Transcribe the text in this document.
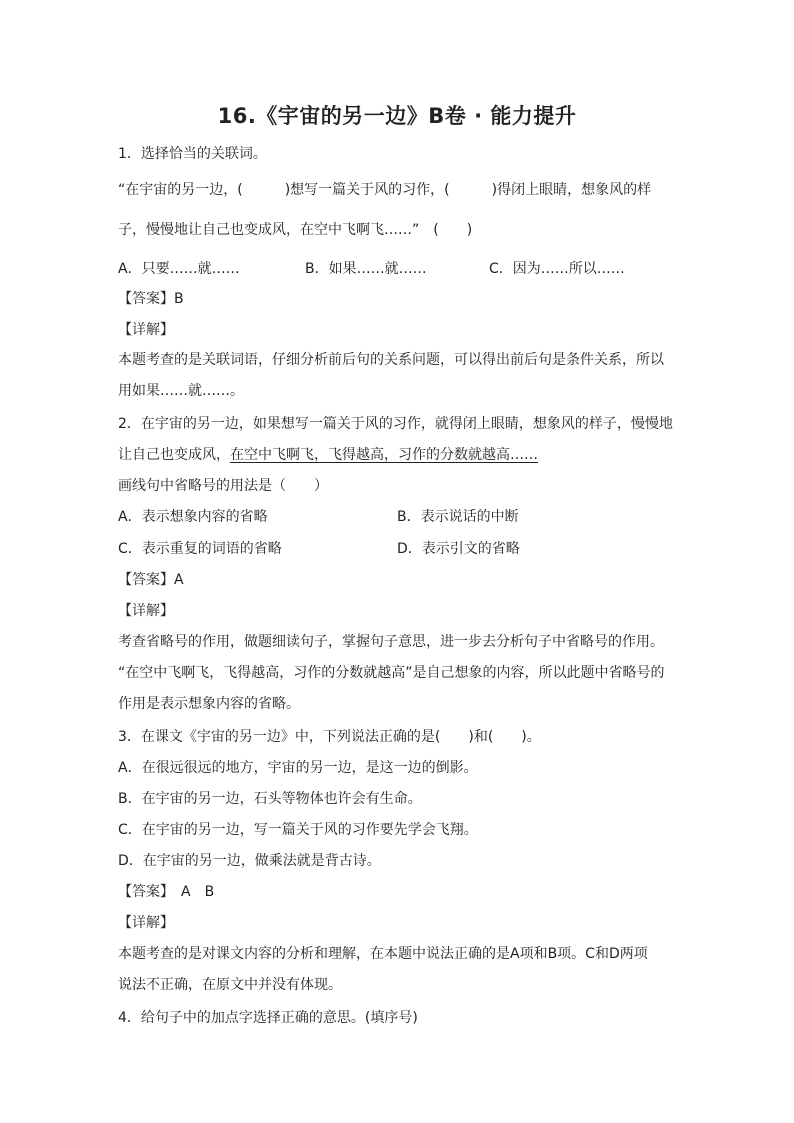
16.《宇宙的另一边》B卷 · 能力提升
1．选择恰当的关联词。
“在宇宙的另一边，(　　　)想写一篇关于风的习作，(　　　)得闭上眼睛，想象风的样
子，慢慢地让自己也变成风，在空中飞啊飞……”　(　　)
A．只要……就……	B．如果……就……	C．因为……所以……
【答案】B
【详解】
本题考查的是关联词语，仔细分析前后句的关系问题，可以得出前后句是条件关系，所以
用如果……就……。
2．在宇宙的另一边，如果想写一篇关于风的习作，就得闭上眼睛，想象风的样子，慢慢地
让自己也变成风，在空中飞啊飞，飞得越高，习作的分数就越高……
画线句中省略号的用法是（　　）
A．表示想象内容的省略	B．表示说话的中断
C．表示重复的词语的省略	D．表示引文的省略
【答案】A
【详解】
考查省略号的作用，做题细读句子，掌握句子意思，进一步去分析句子中省略号的作用。
“在空中飞啊飞，飞得越高，习作的分数就越高”是自己想象的内容，所以此题中省略号的
作用是表示想象内容的省略。
3．在课文《宇宙的另一边》中，下列说法正确的是(　　)和(　　)。
A．在很远很远的地方，宇宙的另一边，是这一边的倒影。
B．在宇宙的另一边，石头等物体也许会有生命。
C．在宇宙的另一边，写一篇关于风的习作要先学会飞翔。
D．在宇宙的另一边，做乘法就是背古诗。
【答案】　A　B
【详解】
本题考查的是对课文内容的分析和理解，在本题中说法正确的是A项和B项。C和D两项
说法不正确，在原文中并没有体现。
4．给句子中的加点字选择正确的意思。(填序号)
